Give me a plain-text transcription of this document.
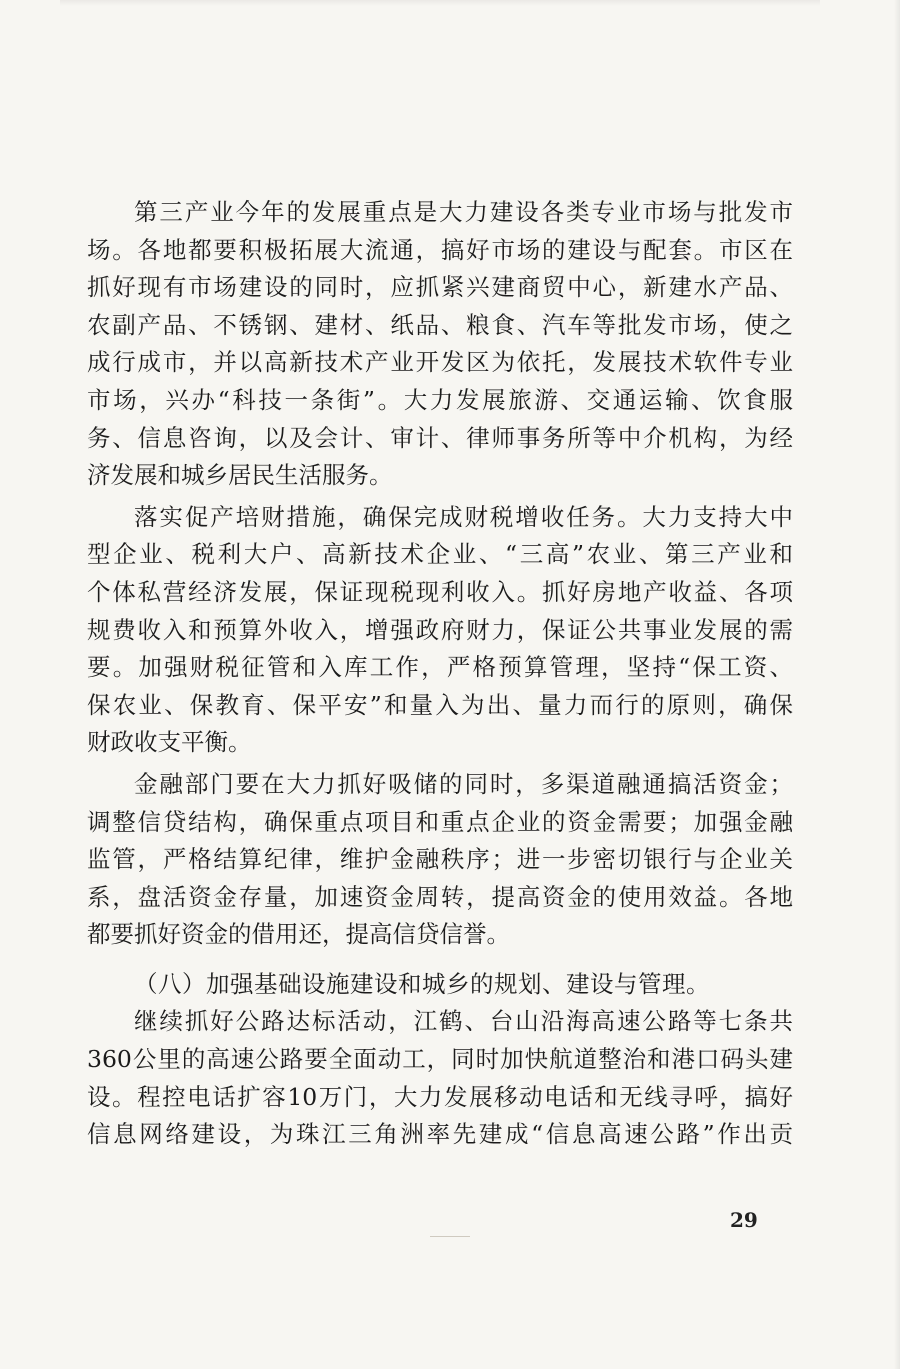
第三产业今年的发展重点是大力建设各类专业市场与批发市
场。各地都要积极拓展大流通，搞好市场的建设与配套。市区在
抓好现有市场建设的同时，应抓紧兴建商贸中心，新建水产品、
农副产品、不锈钢、建材、纸品、粮食、汽车等批发市场，使之
成行成市，并以高新技术产业开发区为依托，发展技术软件专业
市场，兴办“科技一条街”。大力发展旅游、交通运输、饮食服
务、信息咨询，以及会计、审计、律师事务所等中介机构，为经
济发展和城乡居民生活服务。
落实促产培财措施，确保完成财税增收任务。大力支持大中
型企业、税利大户、高新技术企业、“三高”农业、第三产业和
个体私营经济发展，保证现税现利收入。抓好房地产收益、各项
规费收入和预算外收入，增强政府财力，保证公共事业发展的需
要。加强财税征管和入库工作，严格预算管理，坚持“保工资、
保农业、保教育、保平安”和量入为出、量力而行的原则，确保
财政收支平衡。
金融部门要在大力抓好吸储的同时，多渠道融通搞活资金；
调整信贷结构，确保重点项目和重点企业的资金需要；加强金融
监管，严格结算纪律，维护金融秩序；进一步密切银行与企业关
系，盘活资金存量，加速资金周转，提高资金的使用效益。各地
都要抓好资金的借用还，提高信贷信誉。
（八）加强基础设施建设和城乡的规划、建设与管理。
继续抓好公路达标活动，江鹤、台山沿海高速公路等七条共
360公里的高速公路要全面动工，同时加快航道整治和港口码头建
设。程控电话扩容10万门，大力发展移动电话和无线寻呼，搞好
信息网络建设，为珠江三角洲率先建成“信息高速公路”作出贡
29
